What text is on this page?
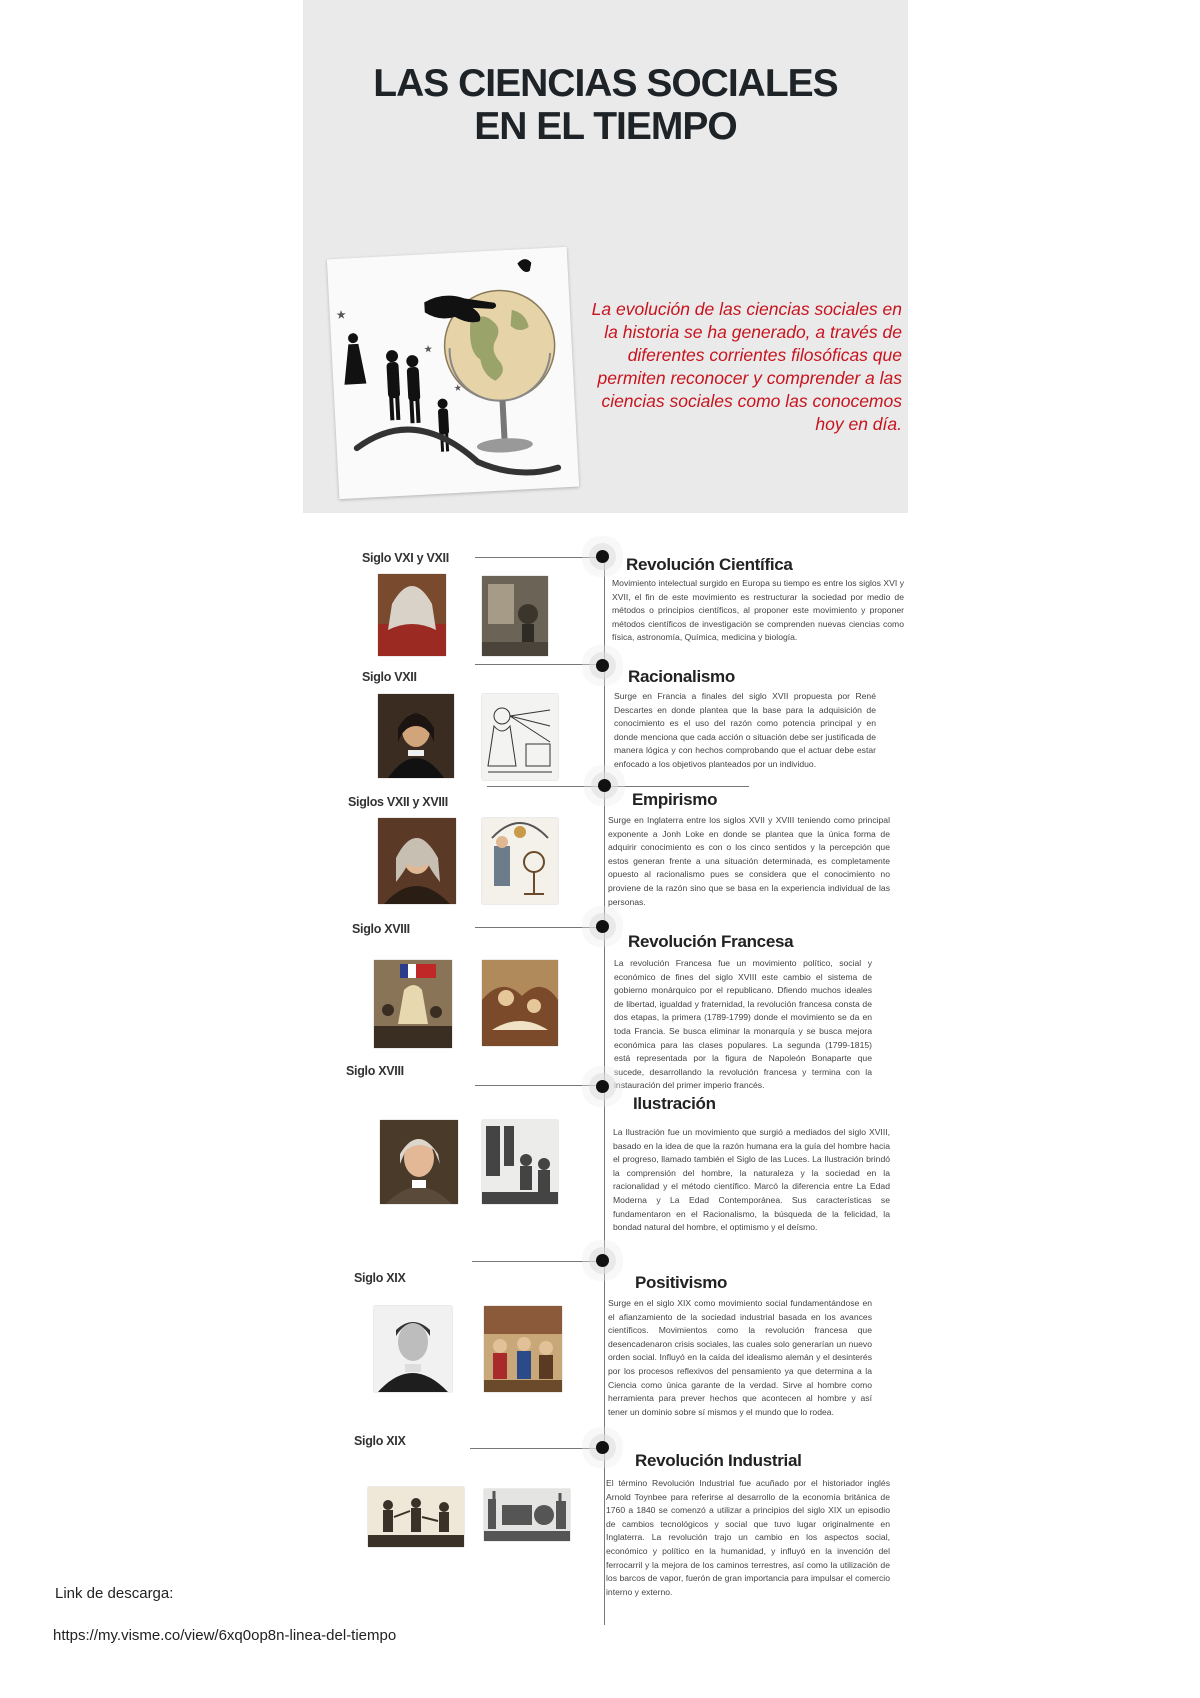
LAS CIENCIAS SOCIALES
EN EL TIEMPO
★
★
★
La evolución de las ciencias sociales en la historia se ha generado, a través de diferentes corrientes filosóficas que permiten reconocer y comprender a las ciencias sociales como las conocemos hoy en día.
Siglo VXI y VXII	Revolución Científica
Movimiento intelectual surgido en Europa su tiempo es entre los siglos XVI y XVII, el fin de este movimiento es restructurar la sociedad por medio de métodos o principios científicos, al proponer este movimiento y proponer métodos científicos de investigación se comprenden nuevas ciencias como física, astronomía, Química, medicina y biología.
Siglo VXII	Racionalismo
Surge en Francia a finales del siglo XVII propuesta por René Descartes en donde plantea que la base para la adquisición de conocimiento es el uso del razón como potencia principal y en donde menciona que cada acción o situación debe ser justificada de manera lógica y con hechos comprobando que el actuar debe estar enfocado a los objetivos planteados por un individuo.
Siglos VXII y XVIII	Empirismo
Surge en Inglaterra entre los siglos XVII y XVIII teniendo como principal exponente a Jonh Loke en donde se plantea que la única forma de adquirir conocimiento es con o los cinco sentidos y la percepción que estos generan frente a una situación determinada, es completamente opuesto al racionalismo pues se considera que el conocimiento no proviene de la razón sino que se basa en la experiencia individual de las personas.
Siglo XVIII
Revolución Francesa
La revolución Francesa fue un movimiento político, social y económico de fines del siglo XVIII este cambio el sistema de gobierno monárquico por el republicano. Dfiendo muchos ideales de libertad, igualdad y fraternidad, la revolución francesa consta de dos etapas, la primera (1789-1799) donde el movimiento se da en toda Francia. Se busca eliminar la monarquía y se busca mejora económica para las clases populares. La segunda (1799-1815) está representada por la figura de Napoleón Bonaparte que sucede, desarrollando la revolución francesa y termina con la instauración del primer imperio francés.
Siglo XVIII
Ilustración
La Ilustración fue un movimiento que surgió a mediados del siglo XVIII, basado en la idea de que la razón humana era la guía del hombre hacia el progreso, llamado también el Siglo de las Luces. La Ilustración brindó la comprensión del hombre, la naturaleza y la sociedad en la racionalidad y el método científico. Marcó la diferencia entre La Edad Moderna y La Edad Contemporánea. Sus características se fundamentaron en el Racionalismo, la búsqueda de la felicidad, la bondad natural del hombre, el optimismo y el deísmo.
Siglo XIX	Positivismo
Surge en el siglo XIX como movimiento social fundamentándose en el afianzamiento de la sociedad industrial basada en los avances científicos. Movimientos como la revolución francesa que desencadenaron crisis sociales, las cuales solo generarían un nuevo orden social. Influyó en la caída del idealismo alemán y el desinterés por los procesos reflexivos del pensamiento ya que determina a la Ciencia como única garante de la verdad. Sirve al hombre como herramienta para prever hechos que acontecen al hombre y así tener un dominio sobre sí mismos y el mundo que lo rodea.
Siglo XIX
Revolución Industrial
El término Revolución Industrial fue acuñado por el historiador inglés Arnold Toynbee para referirse al desarrollo de la economía británica de 1760 a 1840 se comenzó a utilizar a principios del siglo XIX un episodio de cambios tecnológicos y social que tuvo lugar originalmente en Inglaterra. La revolución trajo un cambio en los aspectos social, económico y político en la humanidad, y influyó en la invención del ferrocarril y la mejora de los caminos terrestres, así como la utilización de los barcos de vapor, fuerón de gran importancia para impulsar el comercio interno y externo.
Link de descarga:
https://my.visme.co/view/6xq0op8n-linea-del-tiempo
